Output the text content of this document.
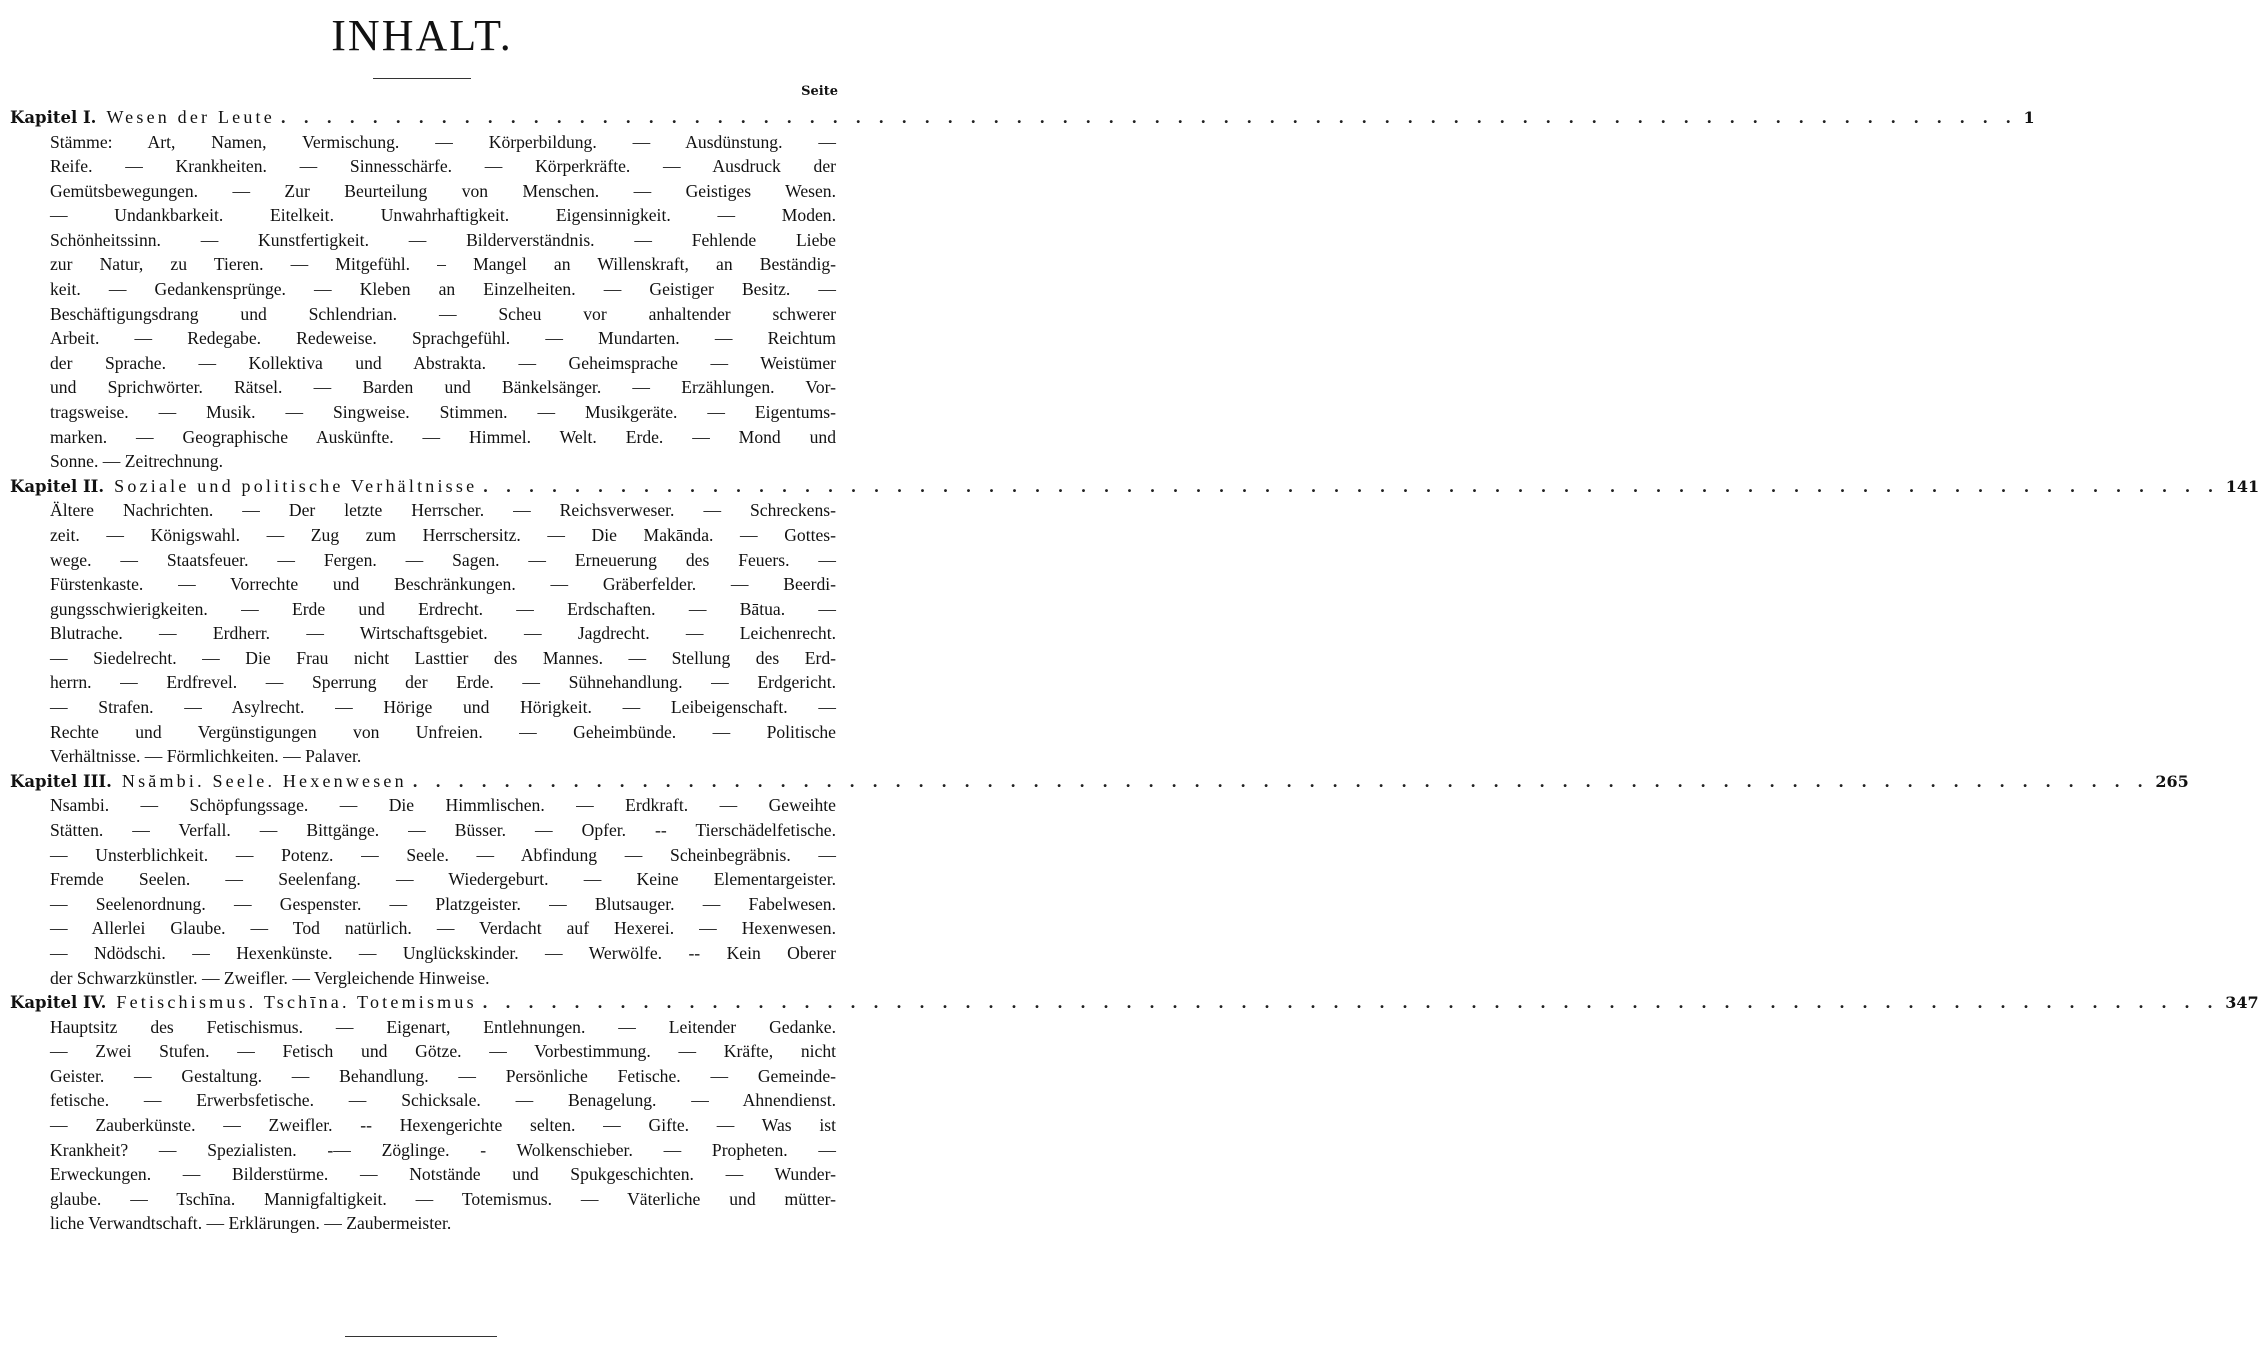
INHALT.
Seite
Kapitel I. Wesen der Leute . . . . . . . . . . . . . . . . . . . . . . . . . . . . . . . . . . . . . . . . . . . . . . . . . . . . . . . . . . . . . . . . . . . . . . . . . . . . 1
Stämme: Art, Namen, Vermischung. — Körperbildung. — Ausdünstung. —
Reife. — Krankheiten. — Sinnesschärfe. — Körperkräfte. — Ausdruck der
Gemütsbewegungen. — Zur Beurteilung von Menschen. — Geistiges Wesen.
— Undankbarkeit. Eitelkeit. Unwahrhaftigkeit. Eigensinnigkeit. — Moden.
Schönheitssinn. — Kunstfertigkeit. — Bilderverständnis. — Fehlende Liebe
zur Natur, zu Tieren. — Mitgefühl. – Mangel an Willenskraft, an Beständig-
keit. — Gedankensprünge. — Kleben an Einzelheiten. — Geistiger Besitz. —
Beschäftigungsdrang und Schlendrian. — Scheu vor anhaltender schwerer
Arbeit. — Redegabe. Redeweise. Sprachgefühl. — Mundarten. — Reichtum
der Sprache. — Kollektiva und Abstrakta. — Geheimsprache — Weistümer
und Sprichwörter. Rätsel. — Barden und Bänkelsänger. — Erzählungen. Vor-
tragsweise. — Musik. — Singweise. Stimmen. — Musikgeräte. — Eigentums-
marken. — Geographische Auskünfte. — Himmel. Welt. Erde. — Mond und
Sonne. — Zeitrechnung.
Kapitel II. Soziale und politische Verhältnisse . . . . . . . . . . . . . . . . . . . . . . . . . . . . . . . . . . . . . . . . . . . . . . . . . . . . . . . . . . . . . . . . . . . . . . . . . . . . 141
Ältere Nachrichten. — Der letzte Herrscher. — Reichsverweser. — Schreckens-
zeit. — Königswahl. — Zug zum Herrschersitz. — Die Makānda. — Gottes-
wege. — Staatsfeuer. — Fergen. — Sagen. — Erneuerung des Feuers. —
Fürstenkaste. — Vorrechte und Beschränkungen. — Gräberfelder. — Beerdi-
gungsschwierigkeiten. — Erde und Erdrecht. — Erdschaften. — Bātua. —
Blutrache. — Erdherr. — Wirtschaftsgebiet. — Jagdrecht. — Leichenrecht.
— Siedelrecht. — Die Frau nicht Lasttier des Mannes. — Stellung des Erd-
herrn. — Erdfrevel. — Sperrung der Erde. — Sühnehandlung. — Erdgericht.
— Strafen. — Asylrecht. — Hörige und Hörigkeit. — Leibeigenschaft. —
Rechte und Vergünstigungen von Unfreien. — Geheimbünde. — Politische
Verhältnisse. — Förmlichkeiten. — Palaver.
Kapitel III. Nsămbi. Seele. Hexenwesen . . . . . . . . . . . . . . . . . . . . . . . . . . . . . . . . . . . . . . . . . . . . . . . . . . . . . . . . . . . . . . . . . . . . . . . . . . . . 265
Nsambi. — Schöpfungssage. — Die Himmlischen. — Erdkraft. — Geweihte
Stätten. — Verfall. — Bittgänge. — Büsser. — Opfer. -- Tierschädelfetische.
— Unsterblichkeit. — Potenz. — Seele. — Abfindung — Scheinbegräbnis. —
Fremde Seelen. — Seelenfang. — Wiedergeburt. — Keine Elementargeister.
— Seelenordnung. — Gespenster. — Platzgeister. — Blutsauger. — Fabelwesen.
— Allerlei Glaube. — Tod natürlich. — Verdacht auf Hexerei. — Hexenwesen.
— Ndödschi. — Hexenkünste. — Unglückskinder. — Werwölfe. -- Kein Oberer
der Schwarzkünstler. — Zweifler. — Vergleichende Hinweise.
Kapitel IV. Fetischismus. Tschīna. Totemismus . . . . . . . . . . . . . . . . . . . . . . . . . . . . . . . . . . . . . . . . . . . . . . . . . . . . . . . . . . . . . . . . . . . . . . . . . . . . 347
Hauptsitz des Fetischismus. — Eigenart, Entlehnungen. — Leitender Gedanke.
— Zwei Stufen. — Fetisch und Götze. — Vorbestimmung. — Kräfte, nicht
Geister. — Gestaltung. — Behandlung. — Persönliche Fetische. — Gemeinde-
fetische. — Erwerbsfetische. — Schicksale. — Benagelung. — Ahnendienst.
— Zauberkünste. — Zweifler. -- Hexengerichte selten. — Gifte. — Was ist
Krankheit? — Spezialisten. -— Zöglinge. - Wolkenschieber. — Propheten. —
Erweckungen. — Bilderstürme. — Notstände und Spukgeschichten. — Wunder-
glaube. — Tschīna. Mannigfaltigkeit. — Totemismus. — Väterliche und mütter-
liche Verwandtschaft. — Erklärungen. — Zaubermeister.
